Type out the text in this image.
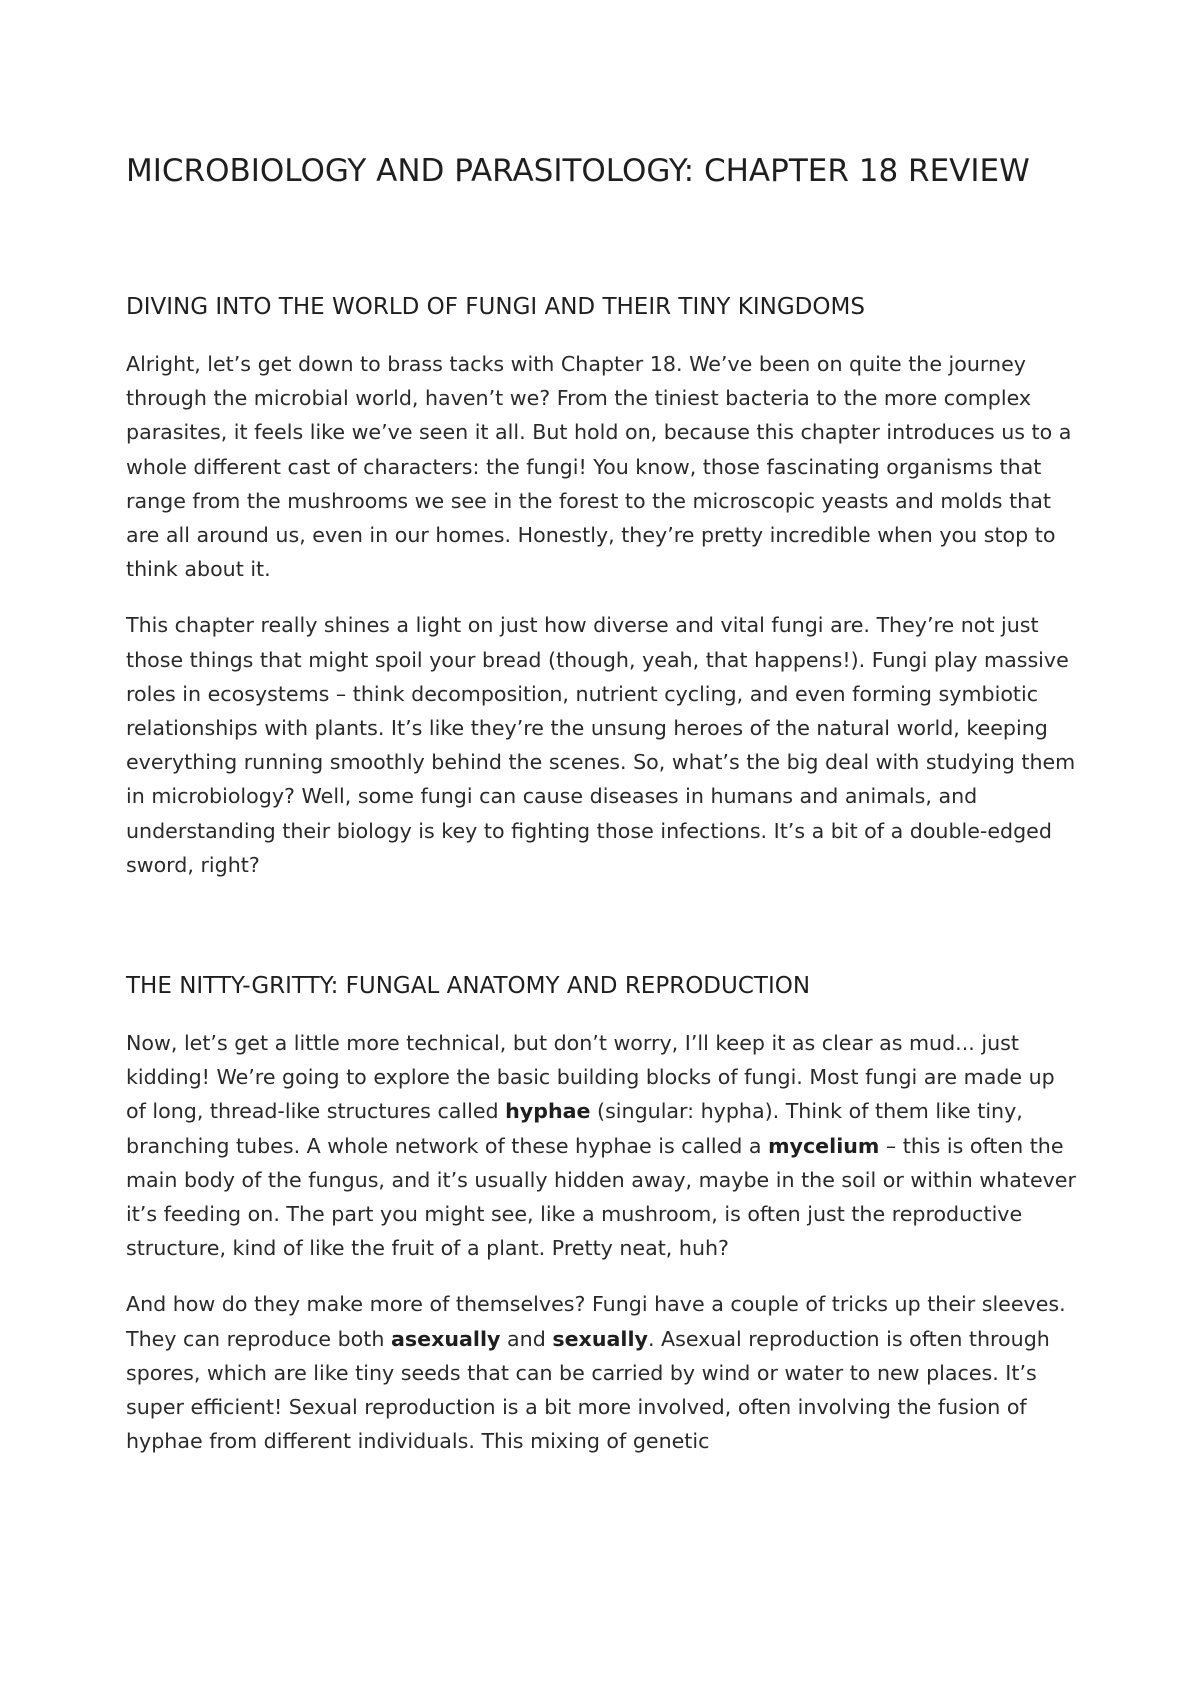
MICROBIOLOGY AND PARASITOLOGY: CHAPTER 18 REVIEW
DIVING INTO THE WORLD OF FUNGI AND THEIR TINY KINGDOMS

Alright, let’s get down to brass tacks with Chapter 18. We’ve been on quite the journey through the microbial world, haven’t we? From the tiniest bacteria to the more complex parasites, it feels like we’ve seen it all. But hold on, because this chapter introduces us to a whole different cast of characters: the fungi! You know, those fascinating organisms that range from the mushrooms we see in the forest to the microscopic yeasts and molds that are all around us, even in our homes. Honestly, they’re pretty incredible when you stop to think about it.

This chapter really shines a light on just how diverse and vital fungi are. They’re not just those things that might spoil your bread (though, yeah, that happens!). Fungi play massive roles in ecosystems – think decomposition, nutrient cycling, and even forming symbiotic relationships with plants. It’s like they’re the unsung heroes of the natural world, keeping everything running smoothly behind the scenes. So, what’s the big deal with studying them in microbiology? Well, some fungi can cause diseases in humans and animals, and understanding their biology is key to fighting those infections. It’s a bit of a double-edged sword, right?

THE NITTY-GRITTY: FUNGAL ANATOMY AND REPRODUCTION

Now, let’s get a little more technical, but don’t worry, I’ll keep it as clear as mud... just kidding! We’re going to explore the basic building blocks of fungi. Most fungi are made up of long, thread-like structures called hyphae (singular: hypha). Think of them like tiny, branching tubes. A whole network of these hyphae is called a mycelium – this is often the main body of the fungus, and it’s usually hidden away, maybe in the soil or within whatever it’s feeding on. The part you might see, like a mushroom, is often just the reproductive structure, kind of like the fruit of a plant. Pretty neat, huh?

And how do they make more of themselves? Fungi have a couple of tricks up their sleeves. They can reproduce both asexually and sexually. Asexual reproduction is often through spores, which are like tiny seeds that can be carried by wind or water to new places. It’s super efficient! Sexual reproduction is a bit more involved, often involving the fusion of hyphae from different individuals. This mixing of genetic
